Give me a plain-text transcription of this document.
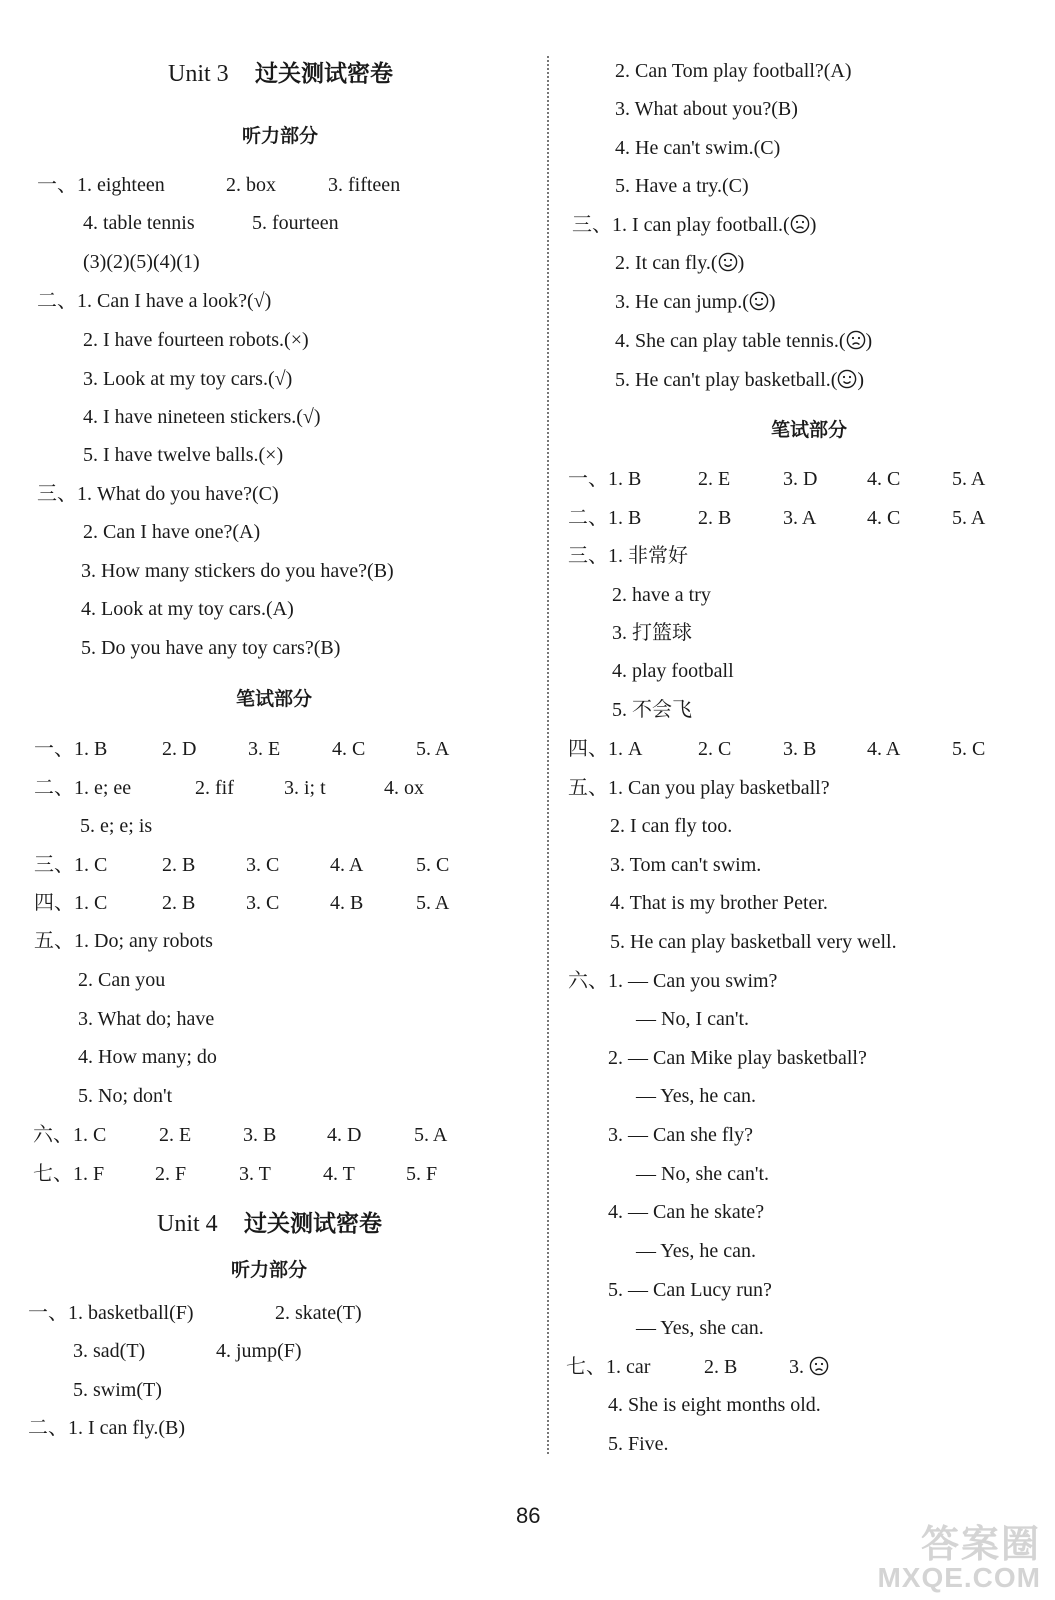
Unit 3 过关测试密卷
听力部分
一、1. eighteen	2. box	3. fifteen
4. table tennis	5. fourteen
(3)(2)(5)(4)(1)
二、1. Can I have a look?(√)
2. I have fourteen robots.(×)
3. Look at my toy cars.(√)
4. I have nineteen stickers.(√)
5. I have twelve balls.(×)
三、1. What do you have?(C)
2. Can I have one?(A)
3. How many stickers do you have?(B)
4. Look at my toy cars.(A)
5. Do you have any toy cars?(B)
笔试部分
一、1. B	2. D	3. E	4. C	5. A
二、1. e; ee	2. fif	3. i; t	4. ox
5. e; e; is
三、1. C	2. B	3. C	4. A	5. C
四、1. C	2. B	3. C	4. B	5. A
五、1. Do; any robots
2. Can you
3. What do; have
4. How many; do
5. No; don't
六、1. C	2. E	3. B	4. D	5. A
七、1. F	2. F	3. T	4. T	5. F
Unit 4 过关测试密卷
听力部分
一、1. basketball(F)	2. skate(T)
3. sad(T)	4. jump(F)
5. swim(T)
二、1. I can fly.(B)
2. Can Tom play football?(A)
3. What about you?(B)
4. He can't swim.(C)
5. Have a try.(C)
三、1. I can play football.( )
2. It can fly.( )
3. He can jump.( )
4. She can play table tennis.( )
5. He can't play basketball.( )
笔试部分
一、1. B	2. E	3. D 4. C	5. A
二、1. B	2. B	3. A	4. C	5. A
三、1. 非常好
2. have a try
3. 打篮球
4. play football
5. 不会飞
四、1. A	2. C	3. B	4. A	5. C
五、1. Can you play basketball?
2. I can fly too.
3. Tom can't swim.
4. That is my brother Peter.
5. He can play basketball very well.
六、1. — Can you swim?
— No, I can't.
2. — Can Mike play basketball?
— Yes, he can.
3. — Can she fly?
— No, she can't.
4. — Can he skate?
— Yes, he can.
5. — Can Lucy run?
— Yes, she can.
七、1. car	2. B	3.
4. She is eight months old.
5. Five.
86
答案圈
MXQE.COM
